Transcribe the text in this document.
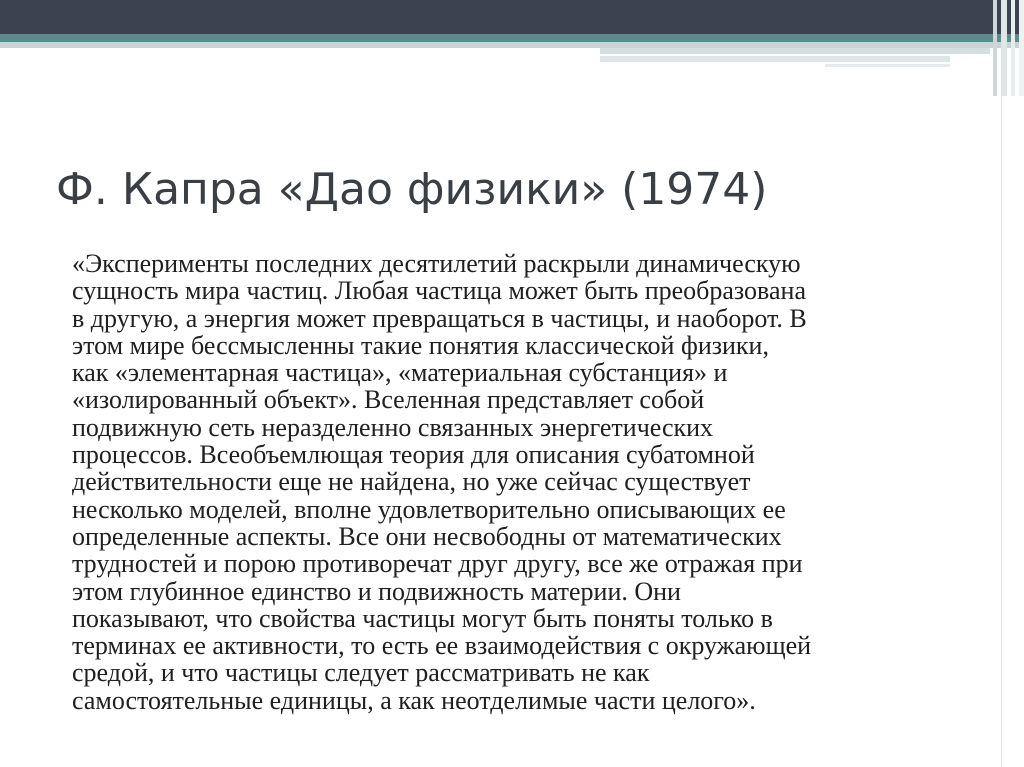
Ф. Капра «Дао физики» (1974)

«Эксперименты последних десятилетий раскрыли динамическую
сущность мира частиц. Любая частица может быть преобразована
в другую, а энергия может превращаться в частицы, и наоборот. В
этом мире бессмысленны такие понятия классической физики,
как «элементарная частица», «материальная субстанция» и
«изолированный объект». Вселенная представляет собой
подвижную сеть неразделенно связанных энергетических
процессов. Всеобъемлющая теория для описания субатомной
действительности еще не найдена, но уже сейчас существует
несколько моделей, вполне удовлетворительно описывающих ее
определенные аспекты. Все они несвободны от математических
трудностей и порою противоречат друг другу, все же отражая при
этом глубинное единство и подвижность материи. Они
показывают, что свойства частицы могут быть поняты только в
терминах ее активности, то есть ее взаимодействия с окружающей
средой, и что частицы следует рассматривать не как
самостоятельные единицы, а как неотделимые части целого».
